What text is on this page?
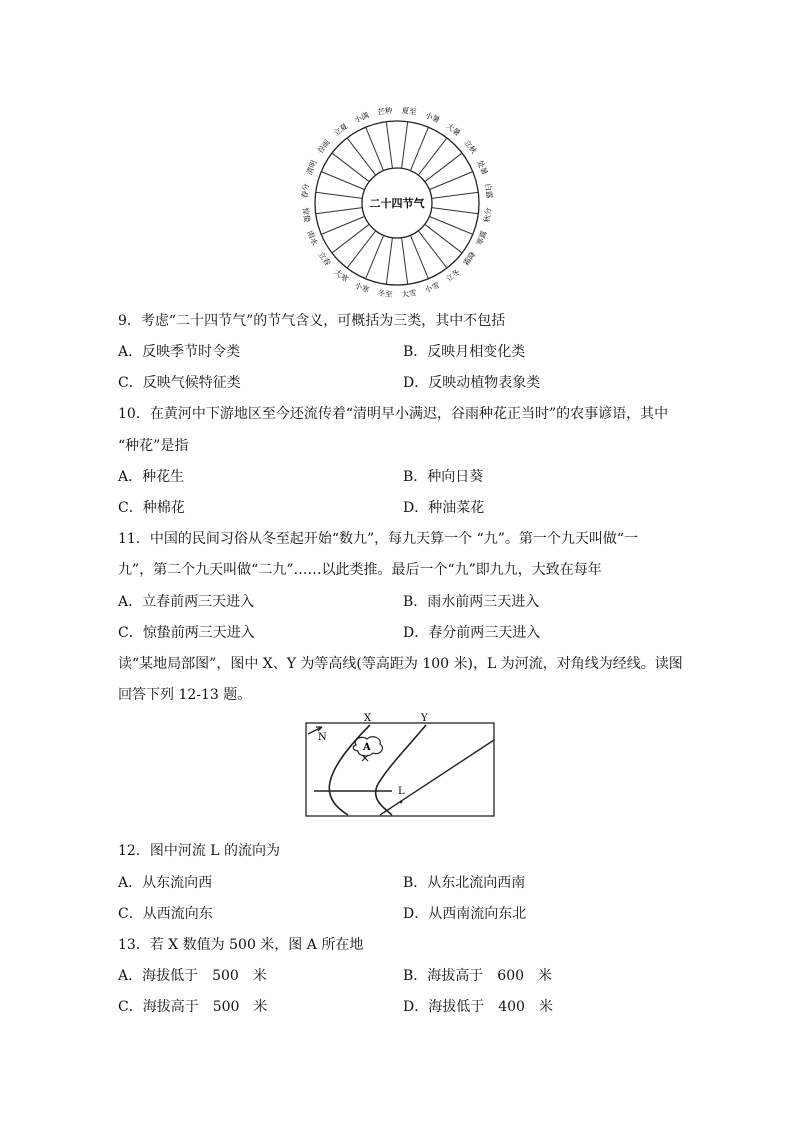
夏至 小暑
大暑
立秋
处暑
白露
秋分
寒露
霜降
立冬
小雪
大雪
冬至
小寒
大寒
立春
雨水
惊蛰
春分
清明
谷雨
立夏
小满 芒种
二十四节气
9．考虑“二十四节气”的节气含义，可概括为三类，其中不包括
A．反映季节时令类	B．反映月相变化类
C．反映气候特征类	D．反映动植物表象类
10．在黄河中下游地区至今还流传着“清明早小满迟，谷雨种花正当时”的农事谚语，其中
“种花”是指
A．种花生	B．种向日葵
C．种棉花	D．种油菜花
11．中国的民间习俗从冬至起开始“数九”，每九天算一个 “九”。第一个九天叫做“一
九”，第二个九天叫做“二九”……以此类推。最后一个“九”即九九，大致在每年
A．立春前两三天进入	B．雨水前两三天进入
C．惊蛰前两三天进入	D．春分前两三天进入
读“某地局部图”，图中 X、Y 为等高线(等高距为 100 米)，L 为河流，对角线为经线。读图
回答下列 12-13 题。
N
X	Y
A
L
12．图中河流 L 的流向为
A．从东流向西	B．从东北流向西南
C．从西流向东	D．从西南流向东北
13．若 X 数值为 500 米，图 A 所在地
A．海拔低于　500　米	B．海拔高于　600　米
C．海拔高于　500　米	D．海拔低于　400　米
